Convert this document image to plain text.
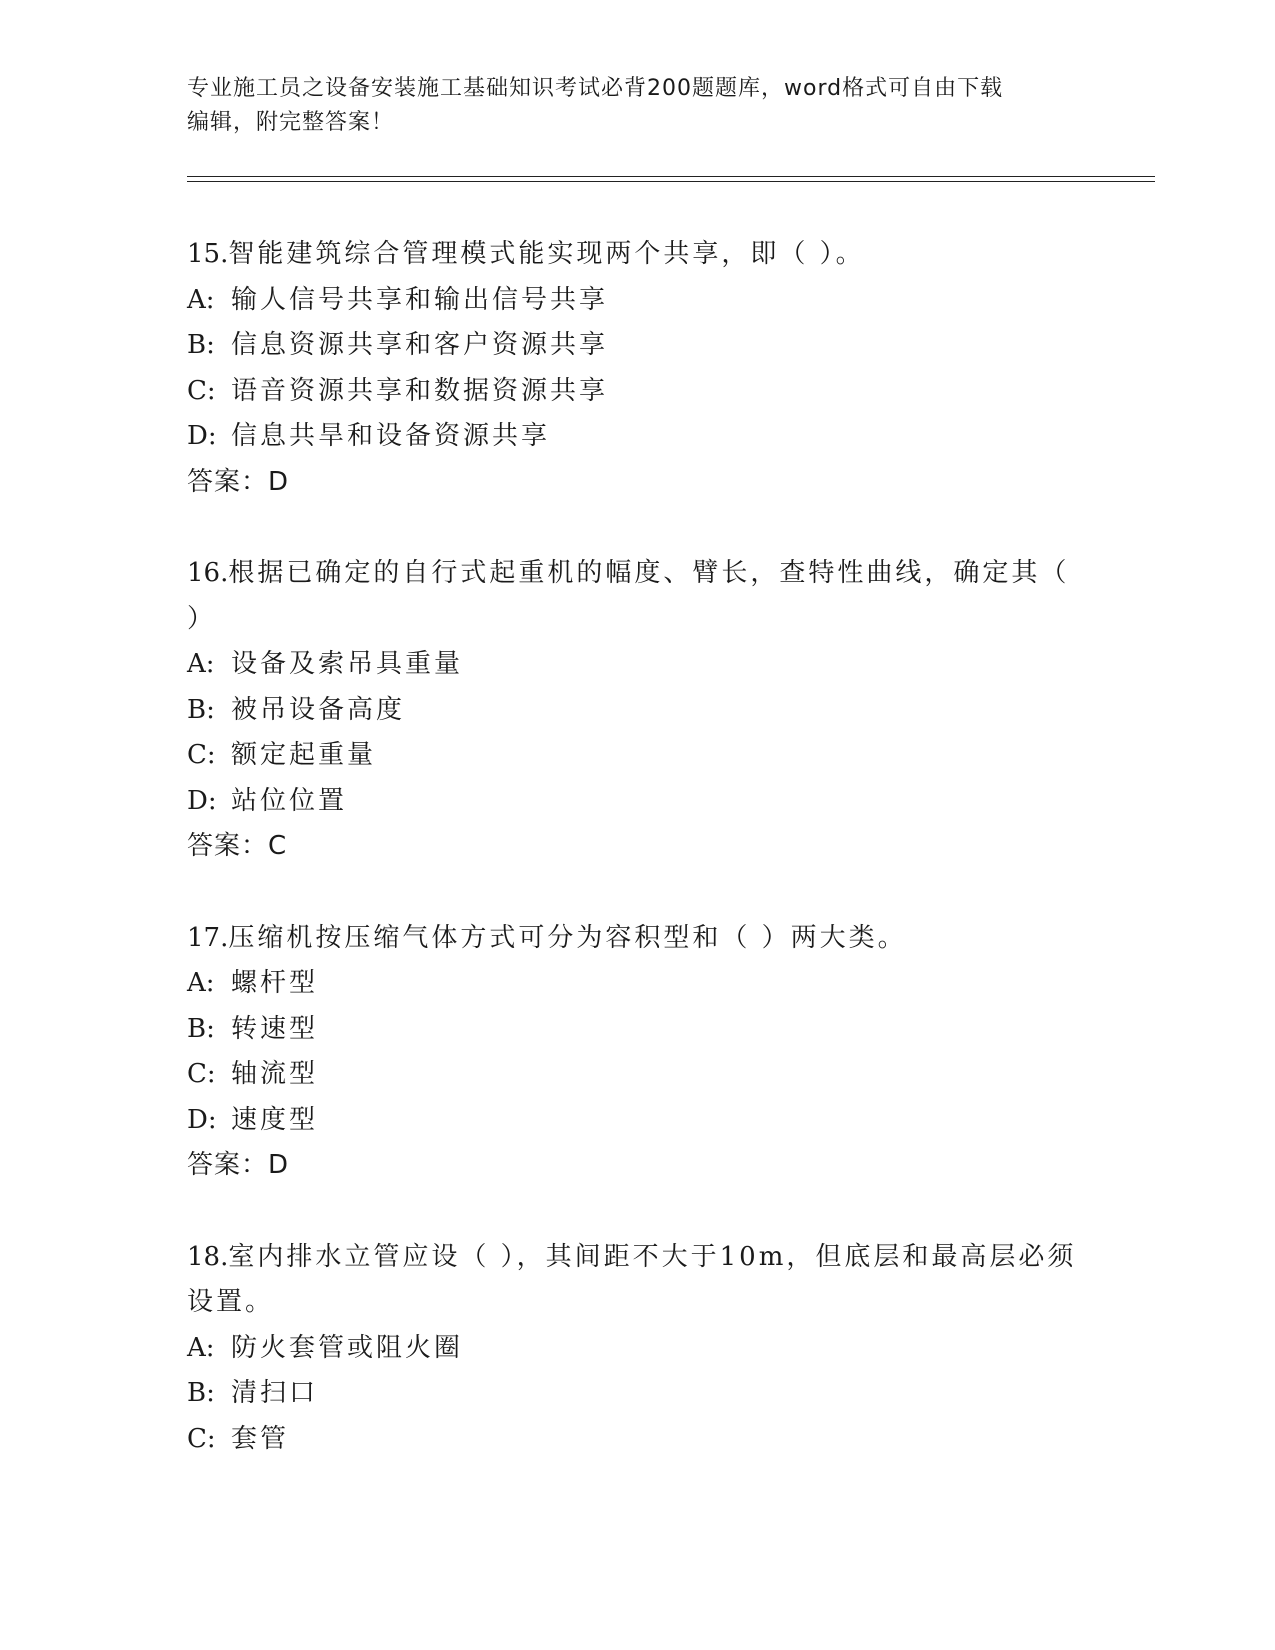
专业施工员之设备安装施工基础知识考试必背200题题库，word格式可自由下载
编辑，附完整答案！

15.智能建筑综合管理模式能实现两个共享，即（ ）。

A: 输人信号共享和输出信号共享

B: 信息资源共享和客户资源共享

C: 语音资源共享和数据资源共享

D: 信息共旱和设备资源共享

答案：D

16.根据已确定的自行式起重机的幅度、臂长，查特性曲线，确定其（ ）

A: 设备及索吊具重量

B: 被吊设备高度

C: 额定起重量

D: 站位位置

答案：C

17.压缩机按压缩气体方式可分为容积型和（ ）两大类。

A: 螺杆型

B: 转速型

C: 轴流型

D: 速度型

答案：D

18.室内排水立管应设（ ），其间距不大于10m，但底层和最高层必须设置。

A: 防火套管或阻火圈

B: 清扫口

C: 套管
